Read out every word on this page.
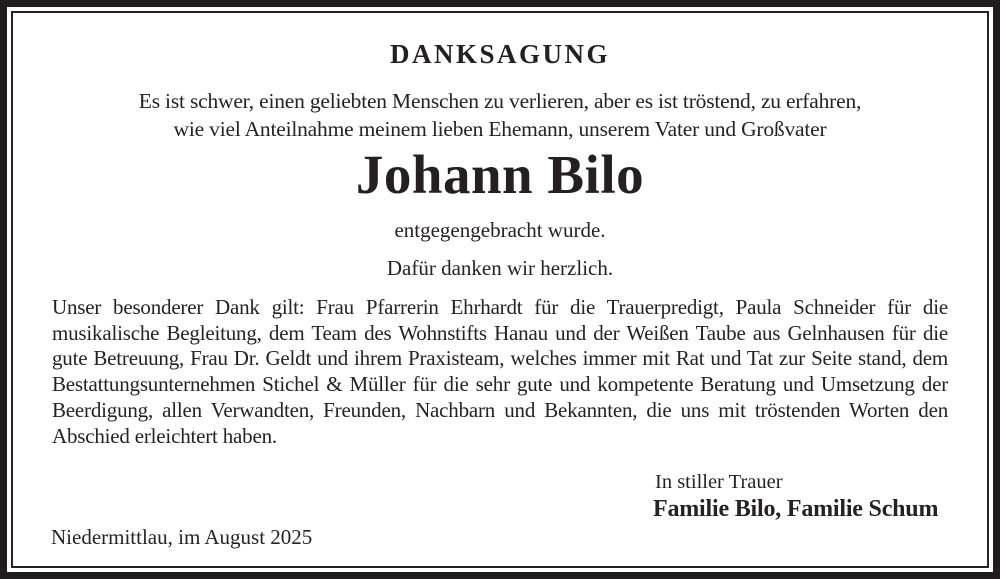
DANKSAGUNG
Es ist schwer, einen geliebten Menschen zu verlieren, aber es ist tröstend, zu erfahren,
wie viel Anteilnahme meinem lieben Ehemann, unserem Vater und Großvater
Johann Bilo
entgegengebracht wurde.
Dafür danken wir herzlich.
Unser besonderer Dank gilt: Frau Pfarrerin Ehrhardt für die Trauerpredigt, Paula Schneider für die musikalische Begleitung, dem Team des Wohnstifts Hanau und der Weißen Taube aus Gelnhausen für die gute Betreuung, Frau Dr. Geldt und ihrem Praxisteam, welches immer mit Rat und Tat zur Seite stand, dem Bestattungsunternehmen Stichel & Müller für die sehr gute und kompetente Beratung und Umsetzung der Beerdigung, allen Verwandten, Freunden, Nachbarn und Bekannten, die uns mit tröstenden Worten den Abschied erleichtert haben.
In stiller Trauer
Familie Bilo, Familie Schum
Niedermittlau, im August 2025
